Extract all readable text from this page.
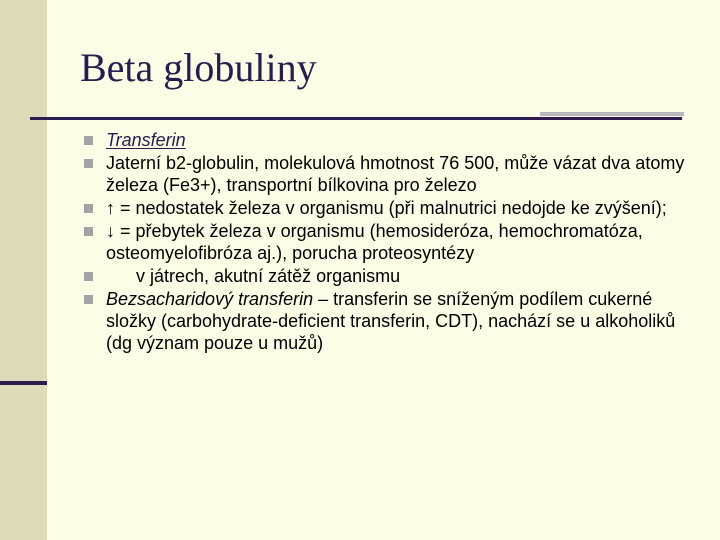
Beta globuliny
Transferin
Jaterní b2-globulin, molekulová hmotnost 76 500, může vázat dva atomy železa (Fe3+), transportní bílkovina pro železo
↑ = nedostatek železa v organismu (při malnutrici nedojde ke zvýšení);
↓ = přebytek železa v organismu (hemosideróza, hemochromatóza, osteomyelofibróza aj.), porucha proteosyntézy
v játrech, akutní zátěž organismu
Bezsacharidový transferin – transferin se sníženým podílem cukerné složky (carbohydrate-deficient transferin, CDT), nachází se u alkoholiků (dg význam pouze u mužů)
